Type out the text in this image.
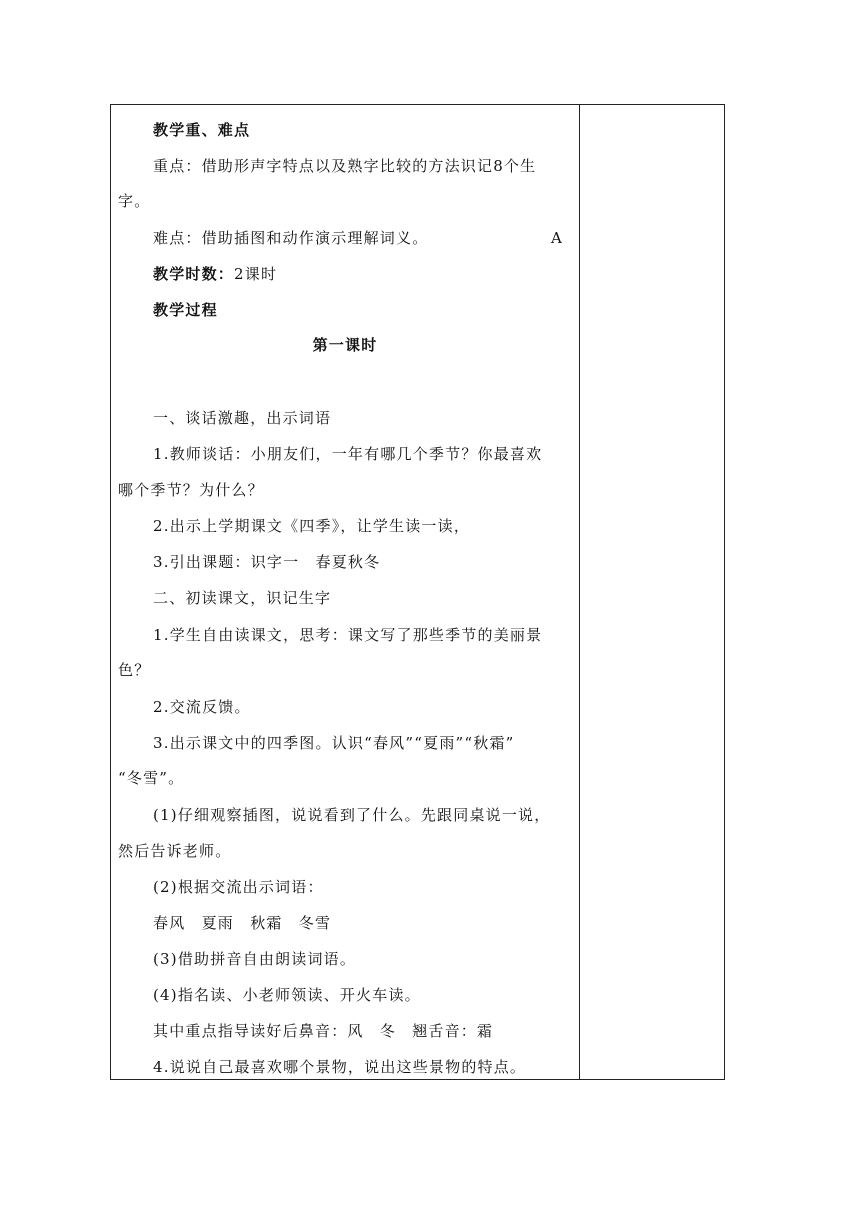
教学重、难点
重点：借助形声字特点以及熟字比较的方法识记8个生
字。
难点：借助插图和动作演示理解词义。	A
教学时数：2课时
教学过程
第一课时
一、谈话激趣，出示词语
1.教师谈话：小朋友们，一年有哪几个季节？你最喜欢
哪个季节？为什么？
2.出示上学期课文《四季》，让学生读一读，
3.引出课题：识字一　春夏秋冬
二、初读课文，识记生字
1.学生自由读课文，思考：课文写了那些季节的美丽景
色？
2.交流反馈。
3.出示课文中的四季图。认识“春风”“夏雨”“秋霜”
“冬雪”。
(1)仔细观察插图，说说看到了什么。先跟同桌说一说，
然后告诉老师。
(2)根据交流出示词语：
春风　夏雨　秋霜　冬雪
(3)借助拼音自由朗读词语。
(4)指名读、小老师领读、开火车读。
其中重点指导读好后鼻音：风　冬　翘舌音：霜
4.说说自己最喜欢哪个景物，说出这些景物的特点。
